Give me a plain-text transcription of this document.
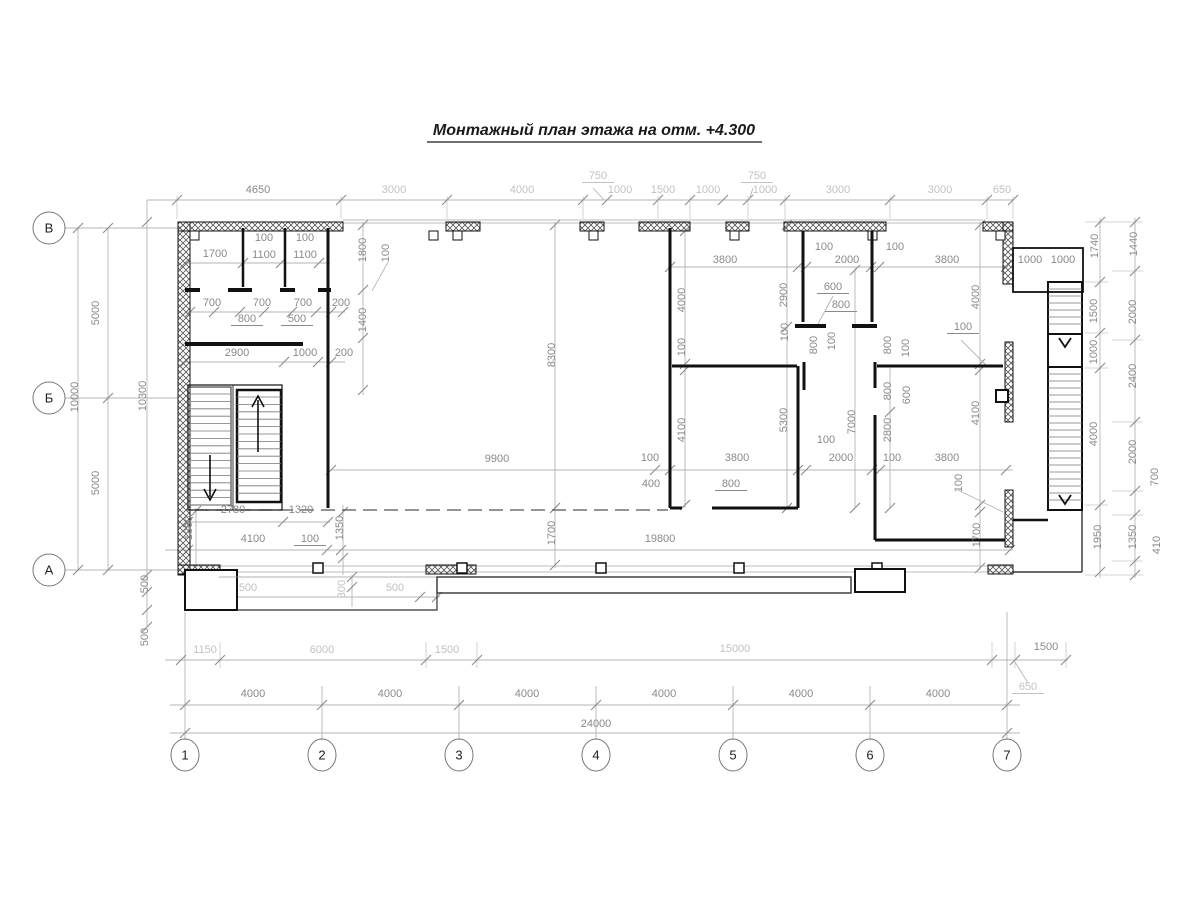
Монтажный план этажа на отм. +4.300
В
Б
А
1	2	3	4	5	6	7
4650	3000	4000
750
1000 1500 1000
750
1000	3000	3000	650
1000 1000
1740 1440
1500 2000
1000
2400
4000
2000
700
1950 1350 410
5000
10000
5000
10300
500
500
1700
100
1100
100
1100	1800 100
700	700 700 200
800	500	1400
2900	1000 200
2780	1320
1860	1350
4100	100
8300
9900
1700	19800
3800
4000	2900
100
4100	5300
100
400	800
3800
100
2000
100
3800
600
800	4000
100
800 100	800 100
100
7000
800 600
2800
4100
100
2000	100	3800
100
1700
500	300	500
1150	6000	1500	15000	1500
650
4000	4000	4000	4000	4000	4000
24000
